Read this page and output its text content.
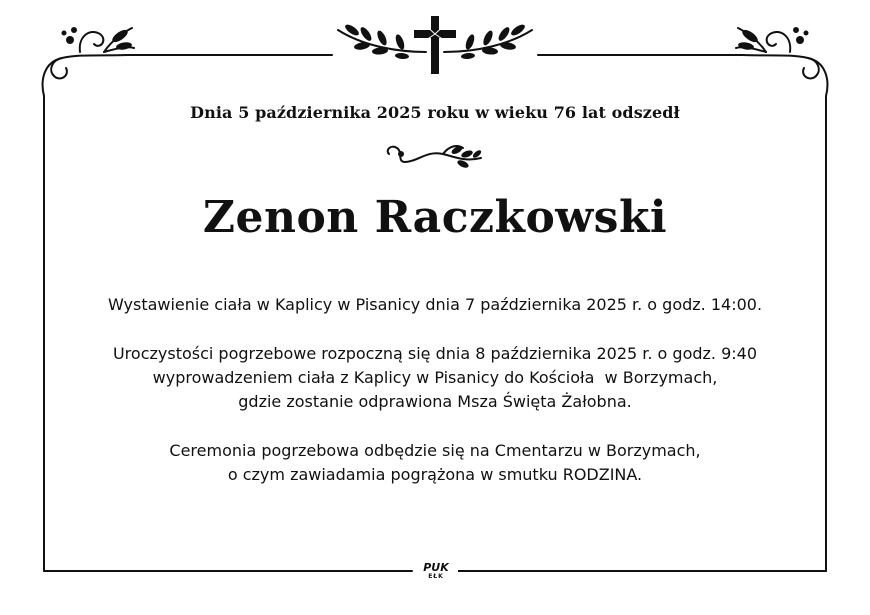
Dnia 5 października 2025 roku w wieku 76 lat odszedł
Zenon Raczkowski
Wystawienie ciała w Kaplicy w Pisanicy dnia 7 października 2025 r. o godz. 14:00.
Uroczystości pogrzebowe rozpoczną się dnia 8 października 2025 r. o godz. 9:40
wyprowadzeniem ciała z Kaplicy w Pisanicy do Kościoła  w Borzymach,
gdzie zostanie odprawiona Msza Święta Żałobna.
Ceremonia pogrzebowa odbędzie się na Cmentarzu w Borzymach,
o czym zawiadamia pogrążona w smutku RODZINA.
PUK
EŁK
